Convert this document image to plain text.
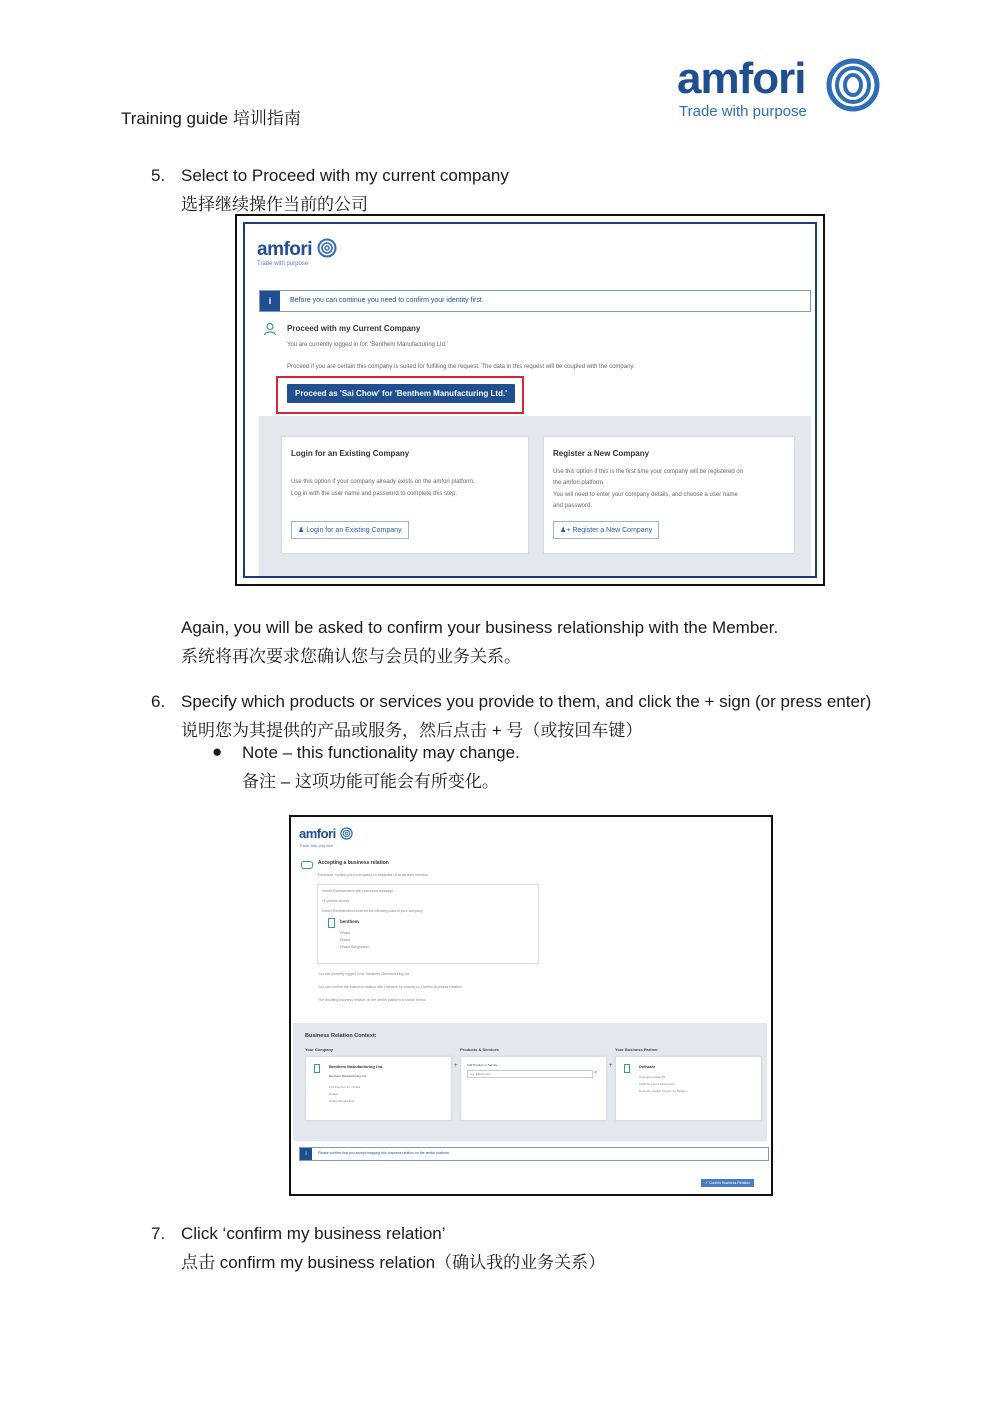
Training guide 培训指南
amfori
Trade with purpose
5. Select to Proceed with my current company
选择继续操作当前的公司
amfori
Trade with purpose
i	Before you can continue you need to confirm your identity first.
Proceed with my Current Company
You are currently logged in for: 'Benthem Manufacturing Ltd.'
Proceed if you are certain this company is suited for fulfilling the request. The data in this request will be coupled with the company.
Proceed as 'Sai Chow' for 'Benthem Manufacturing Ltd.'
Login for an Existing Company
Use this option if your company already exists on the amfori platform.
Log in with the user name and password to complete this step.
♟ Login for an Existing Company
Register a New Company
Use this option if this is the first time your company will be registered on
the amfori platform.
You will need to enter your company details, and choose a user name
and password.
♟+ Register a New Company
Again, you will be asked to confirm your business relationship with the Member.
系统将再次要求您确认您与会员的业务关系。
6. Specify which products or services you provide to them, and click the + sign (or press enter)
说明您为其提供的产品或服务，然后点击 + 号（或按回车键）
● Note – this functionality may change.
备注 – 这项功能可能会有所变化。
amfori
Trade with purpose
Accepting a business relation
Delhaize invites your company to establish a business relation
Xavier Rombaerdens left a personal message
Hi, please accept
Xavier Rombaerdens entered the following data of your company
benthem
Dhaka
Dhaka
Dhaka Bangladesh
You are currently logged in for 'Benthem Manufacturing Ltd.'
You can confirm the business relation with Delhaize by clicking on Confirm Business Relation
The resulting business relation on the amfori platform is shown below
Business Relation Context:
Your Company	Products & Services	Your Business Partner
Benthem Manufacturing Ltd.
Benthem Manufacturing Ltd.
123 Ponchol 12, Dhaka
Dhaka
Dhaka Bangladesh
+	Add Product or Service
e.g. Electronics
×
+	Delhaize
Osseghemstraat 53
1080 Sint-Jans-Molenbeek
Brussels Capital, Région de Belgium
i	Please confirm that you accept mapping this business relation on the amfori platform.
✓ Confirm Business Relation
7. Click ‘confirm my business relation’
点击 confirm my business relation（确认我的业务关系）
